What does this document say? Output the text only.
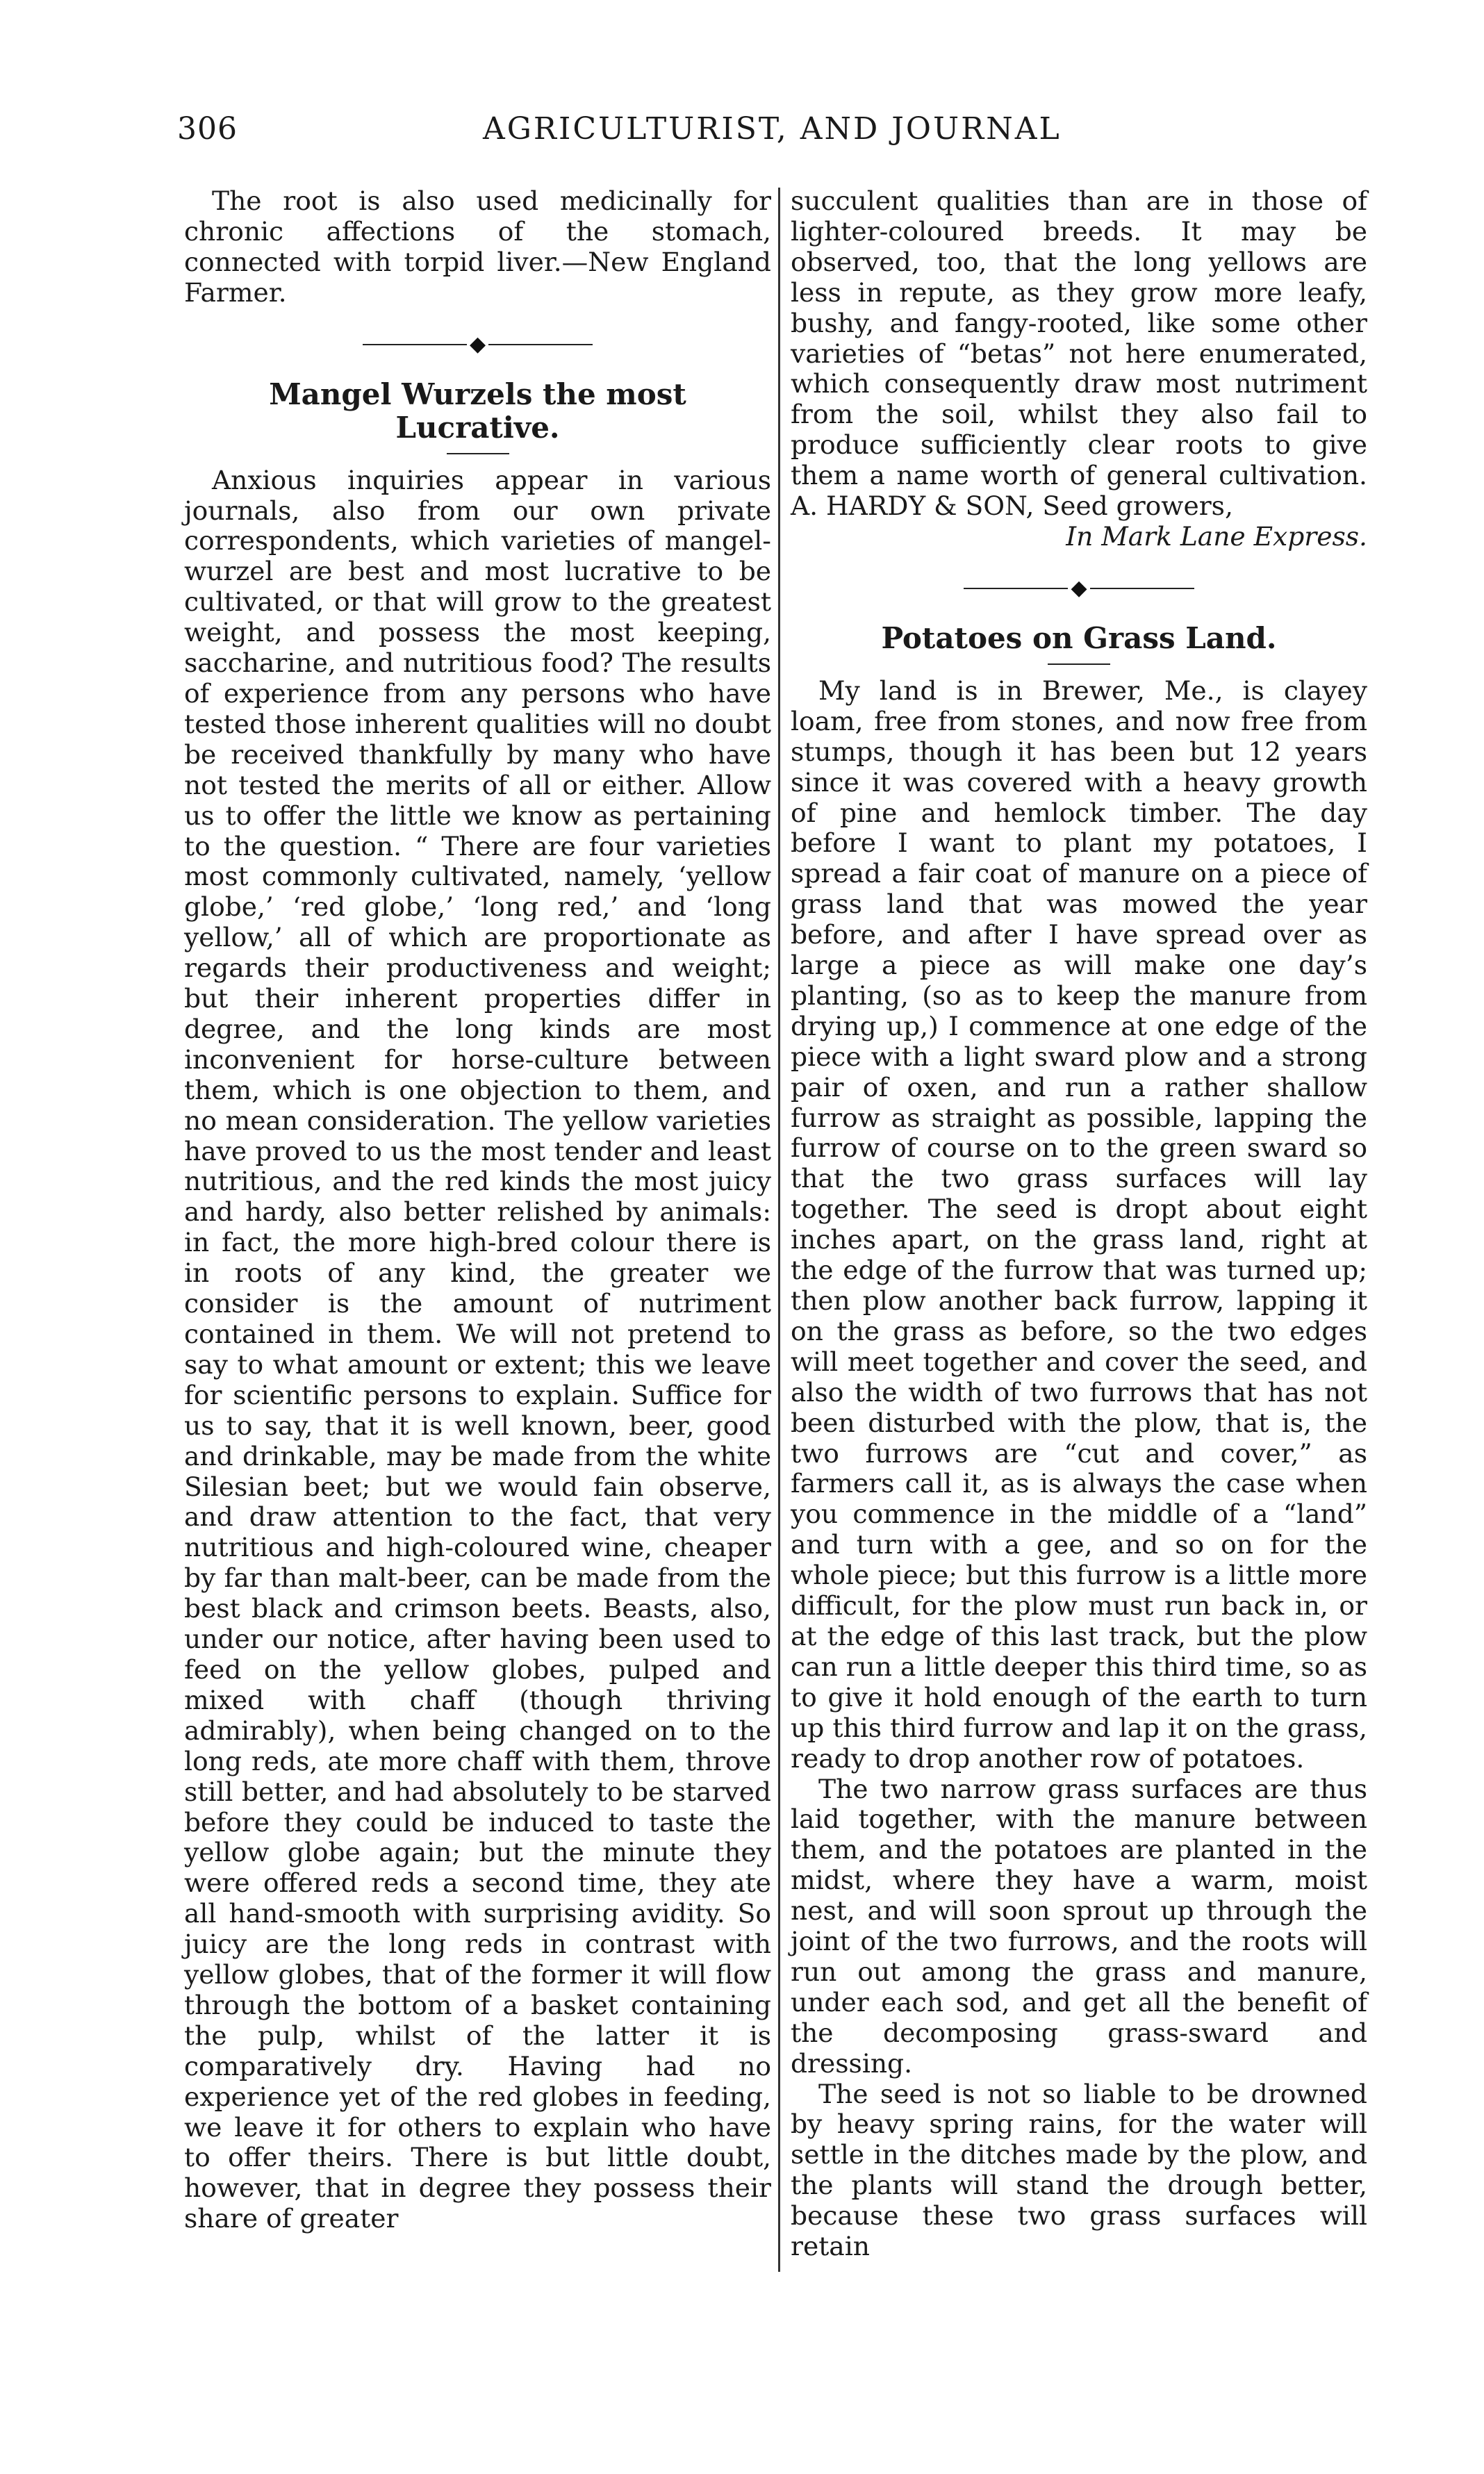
306	AGRICULTURIST, AND JOURNAL

The root is also used medicinally for chronic affections of the stomach, connected with torpid liver.—New England Farmer.

◆
Mangel Wurzels the most Lucrative.

Anxious inquiries appear in various journals, also from our own private correspondents, which varieties of mangel-wurzel are best and most lucrative to be cultivated, or that will grow to the greatest weight, and possess the most keeping, saccharine, and nutritious food? The results of experience from any persons who have tested those inherent qualities will no doubt be received thankfully by many who have not tested the merits of all or either. Allow us to offer the little we know as pertaining to the question. “ There are four varieties most commonly cultivated, namely, ‘yellow globe,’ ‘red globe,’ ‘long red,’ and ‘long yellow,’ all of which are proportionate as regards their productiveness and weight; but their inherent properties differ in degree, and the long kinds are most inconvenient for horse-culture between them, which is one objection to them, and no mean consideration. The yellow varieties have proved to us the most tender and least nutritious, and the red kinds the most juicy and hardy, also better relished by animals: in fact, the more high-bred colour there is in roots of any kind, the greater we consider is the amount of nutriment contained in them. We will not pretend to say to what amount or extent; this we leave for scientific persons to explain. Suffice for us to say, that it is well known, beer, good and drinkable, may be made from the white Silesian beet; but we would fain observe, and draw attention to the fact, that very nutritious and high-coloured wine, cheaper by far than malt-beer, can be made from the best black and crimson beets. Beasts, also, under our notice, after having been used to feed on the yellow globes, pulped and mixed with chaff (though thriving admirably), when being changed on to the long reds, ate more chaff with them, throve still better, and had absolutely to be starved before they could be induced to taste the yellow globe again; but the minute they were offered reds a second time, they ate all hand-smooth with surprising avidity. So juicy are the long reds in contrast with yellow globes, that of the former it will flow through the bottom of a basket containing the pulp, whilst of the latter it is comparatively dry. Having had no experience yet of the red globes in feeding, we leave it for others to explain who have to offer theirs. There is but little doubt, however, that in degree they possess their share of greater

succulent qualities than are in those of lighter-coloured breeds. It may be observed, too, that the long yellows are less in repute, as they grow more leafy, bushy, and fangy-rooted, like some other varieties of “betas” not here enumerated, which consequently draw most nutriment from the soil, whilst they also fail to produce sufficiently clear roots to give them a name worth of general cultivation. A. HARDY & SON, Seed growers,

In Mark Lane Express.

◆
Potatoes on Grass Land.

My land is in Brewer, Me., is clayey loam, free from stones, and now free from stumps, though it has been but 12 years since it was covered with a heavy growth of pine and hemlock timber. The day before I want to plant my potatoes, I spread a fair coat of manure on a piece of grass land that was mowed the year before, and after I have spread over as large a piece as will make one day’s planting, (so as to keep the manure from drying up,) I commence at one edge of the piece with a light sward plow and a strong pair of oxen, and run a rather shallow furrow as straight as possible, lapping the furrow of course on to the green sward so that the two grass surfaces will lay together. The seed is dropt about eight inches apart, on the grass land, right at the edge of the furrow that was turned up; then plow another back furrow, lapping it on the grass as before, so the two edges will meet together and cover the seed, and also the width of two furrows that has not been disturbed with the plow, that is, the two furrows are “cut and cover,” as farmers call it, as is always the case when you commence in the middle of a “land” and turn with a gee, and so on for the whole piece; but this furrow is a little more difficult, for the plow must run back in, or at the edge of this last track, but the plow can run a little deeper this third time, so as to give it hold enough of the earth to turn up this third furrow and lap it on the grass, ready to drop another row of potatoes.

The two narrow grass surfaces are thus laid together, with the manure between them, and the potatoes are planted in the midst, where they have a warm, moist nest, and will soon sprout up through the joint of the two furrows, and the roots will run out among the grass and manure, under each sod, and get all the benefit of the decomposing grass-sward and dressing.

The seed is not so liable to be drowned by heavy spring rains, for the water will settle in the ditches made by the plow, and the plants will stand the drough better, because these two grass surfaces will retain
